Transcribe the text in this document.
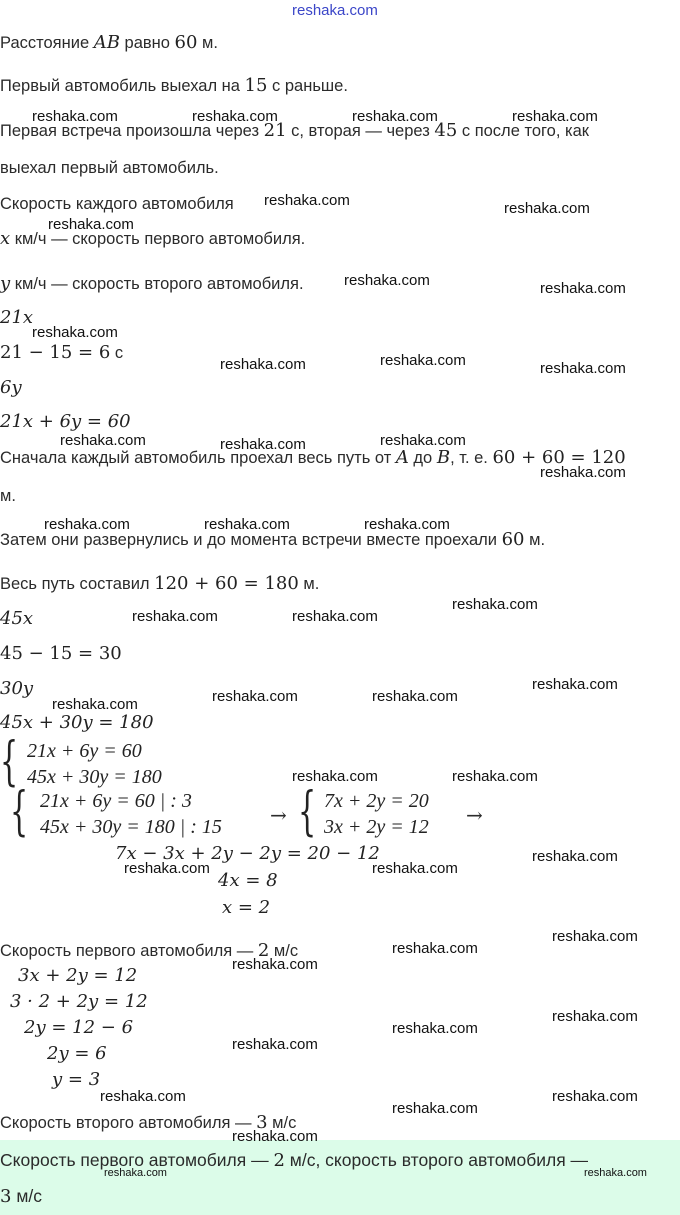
Скорость первого автомобиля — 2 м/с, скорость второго автомобиля —
3 м/с
Расстояние AB равно 60 м.
Первый автомобиль выехал на 15 с раньше.
Первая встреча произошла через 21 с, вторая — через 45 с после того, как
выехал первый автомобиль.
Скорость каждого автомобиля
x км/ч — скорость первого автомобиля.
y км/ч — скорость второго автомобиля.
21x
21 − 15 = 6 с
6y
21x + 6y = 60
Сначала каждый автомобиль проехал весь путь от A до B, т. е. 60 + 60 = 120
м.
Затем они развернулись и до момента встречи вместе проехали 60 м.
Весь путь составил 120 + 60 = 180 м.
45x
45 − 15 = 30
30y
45x + 30y = 180
7x − 3x + 2y − 2y = 20 − 12
4x = 8
x = 2
Скорость первого автомобиля — 2 м/с
3x + 2y = 12
3 · 2 + 2y = 12
2y = 12 − 6
2y = 6
y = 3
Скорость второго автомобиля — 3 м/с
{ 21x + 6y = 60
45x + 30y = 180
{ 21x + 6y = 60 | : 3
45x + 30y = 180 | : 15 → { 7x + 2y = 20
3x + 2y = 12 →
reshaka.com
reshaka.com	reshaka.com	reshaka.com	reshaka.com
reshaka.com	reshaka.com
reshaka.com
reshaka.com	reshaka.com
reshaka.com
reshaka.com	reshaka.com	reshaka.com
reshaka.com	reshaka.com	reshaka.com
reshaka.com
reshaka.com	reshaka.com	reshaka.com
reshaka.com
reshaka.com	reshaka.com
reshaka.com
reshaka.com	reshaka.com	reshaka.com
reshaka.com	reshaka.com
reshaka.com
reshaka.com	reshaka.com
reshaka.com
reshaka.com
reshaka.com
reshaka.com
reshaka.com
reshaka.com
reshaka.com
reshaka.com
reshaka.com
reshaka.com
reshaka.com	reshaka.com
